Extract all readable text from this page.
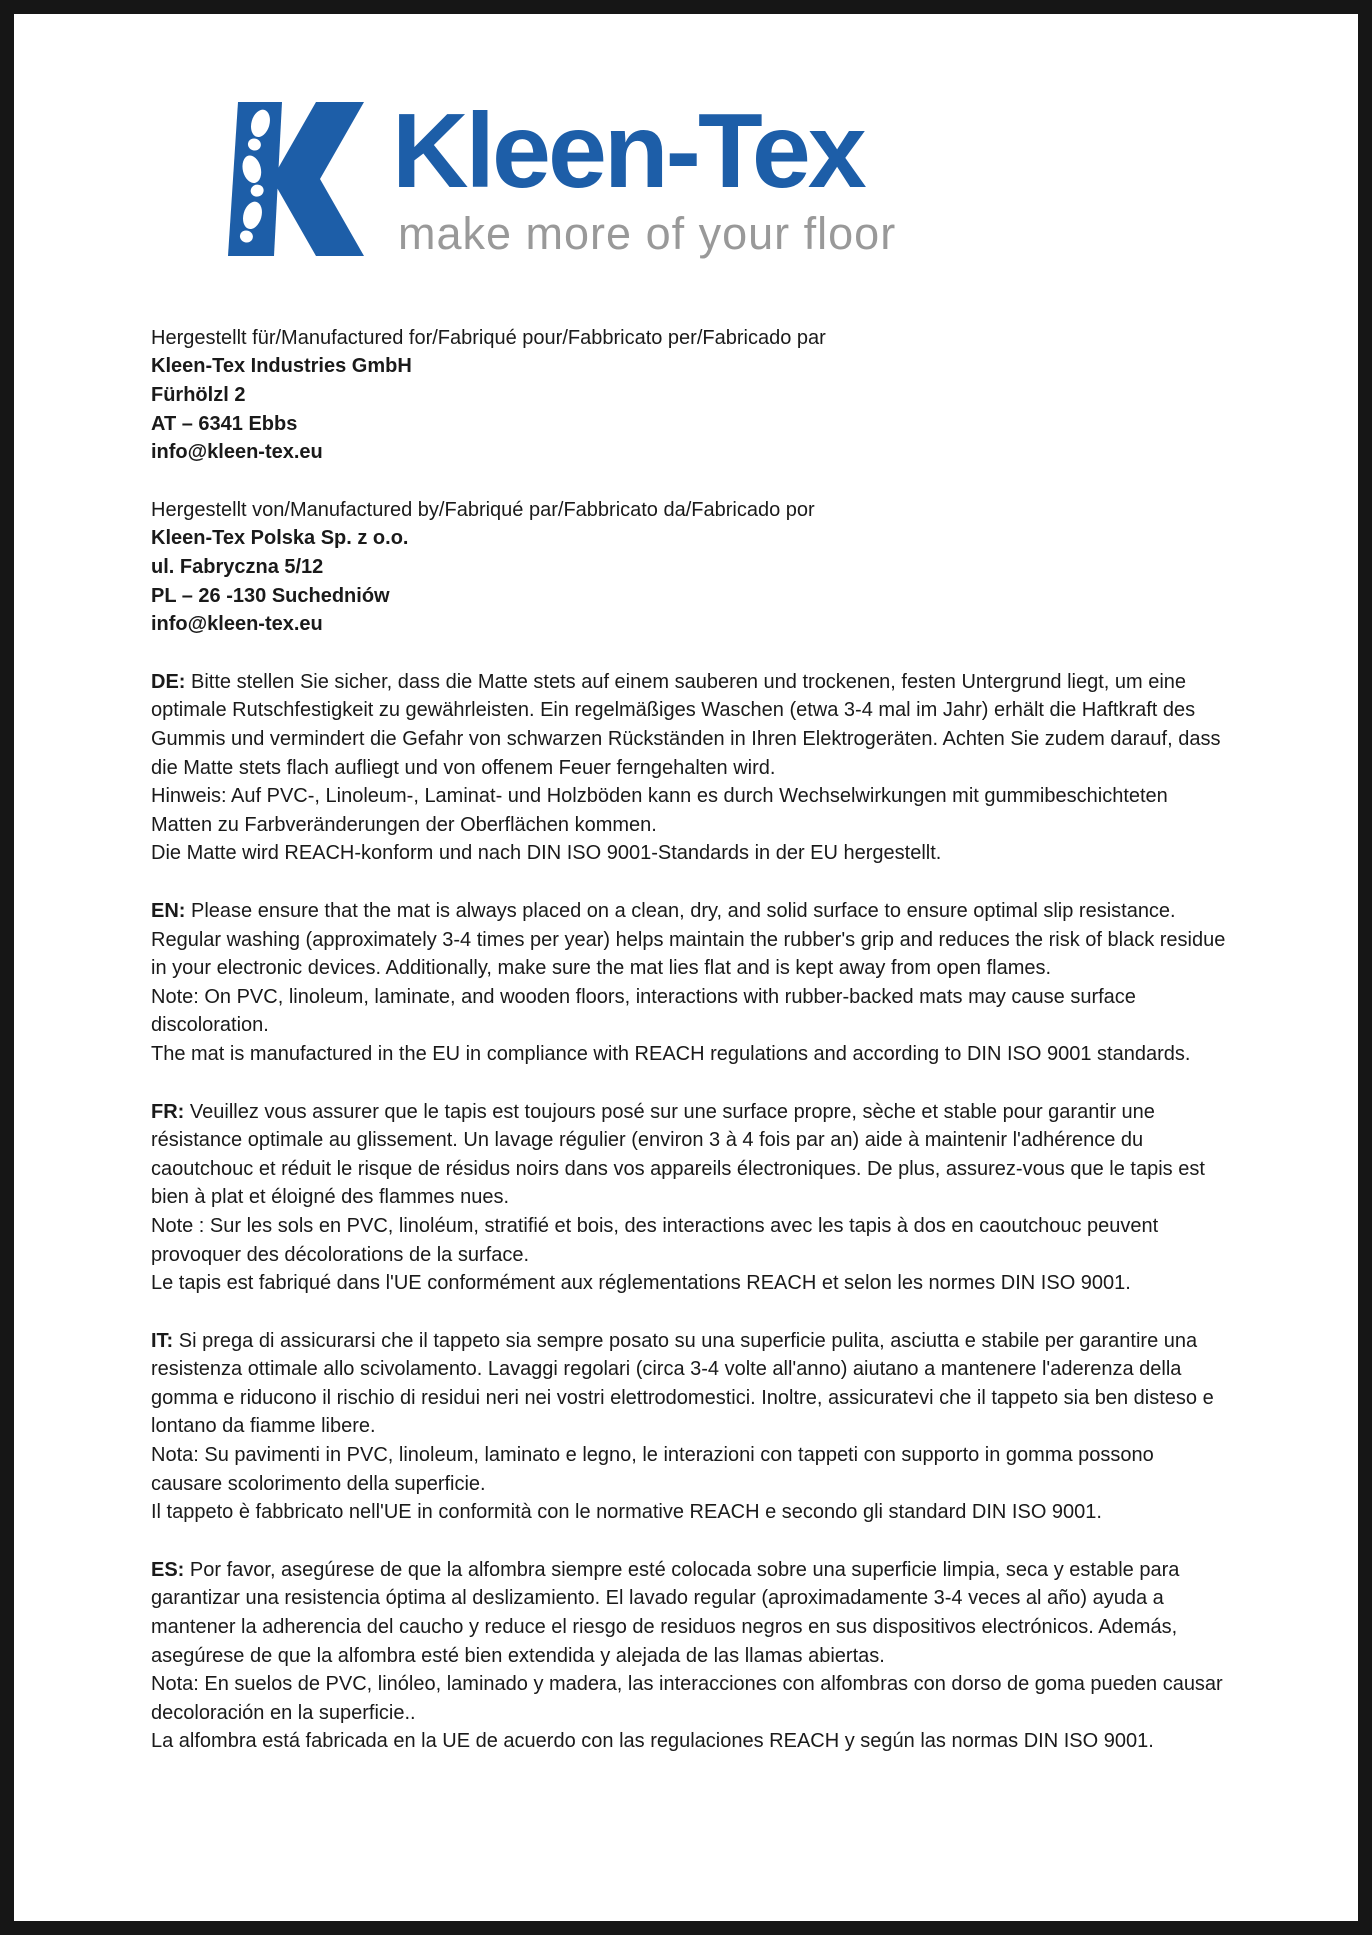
Kleen-Tex
make more of your floor

Hergestellt für/Manufactured for/Fabriqué pour/Fabbricato per/Fabricado par

Kleen-Tex Industries GmbH

Fürhölzl 2

AT – 6341 Ebbs

info@kleen-tex.eu

Hergestellt von/Manufactured by/Fabriqué par/Fabbricato da/Fabricado por

Kleen-Tex Polska Sp. z o.o.

ul. Fabryczna 5/12

PL – 26 -130 Suchedniów

info@kleen-tex.eu

DE: Bitte stellen Sie sicher, dass die Matte stets auf einem sauberen und trockenen, festen Untergrund liegt, um eine optimale Rutschfestigkeit zu gewährleisten. Ein regelmäßiges Waschen (etwa 3-4 mal im Jahr) erhält die Haftkraft des Gummis und vermindert die Gefahr von schwarzen Rückständen in Ihren Elektrogeräten. Achten Sie zudem darauf, dass die Matte stets flach aufliegt und von offenem Feuer ferngehalten wird.

Hinweis: Auf PVC-, Linoleum-, Laminat- und Holzböden kann es durch Wechselwirkungen mit gummibeschichteten Matten zu Farbveränderungen der Oberflächen kommen.

Die Matte wird REACH-konform und nach DIN ISO 9001-Standards in der EU hergestellt.

EN: Please ensure that the mat is always placed on a clean, dry, and solid surface to ensure optimal slip resistance. Regular washing (approximately 3-4 times per year) helps maintain the rubber's grip and reduces the risk of black residue in your electronic devices. Additionally, make sure the mat lies flat and is kept away from open flames.

Note: On PVC, linoleum, laminate, and wooden floors, interactions with rubber-backed mats may cause surface discoloration.

The mat is manufactured in the EU in compliance with REACH regulations and according to DIN ISO 9001 standards.

FR: Veuillez vous assurer que le tapis est toujours posé sur une surface propre, sèche et stable pour garantir une résistance optimale au glissement. Un lavage régulier (environ 3 à 4 fois par an) aide à maintenir l'adhérence du caoutchouc et réduit le risque de résidus noirs dans vos appareils électroniques. De plus, assurez-vous que le tapis est bien à plat et éloigné des flammes nues.

Note : Sur les sols en PVC, linoléum, stratifié et bois, des interactions avec les tapis à dos en caoutchouc peuvent provoquer des décolorations de la surface.

Le tapis est fabriqué dans l'UE conformément aux réglementations REACH et selon les normes DIN ISO 9001.

IT: Si prega di assicurarsi che il tappeto sia sempre posato su una superficie pulita, asciutta e stabile per garantire una resistenza ottimale allo scivolamento. Lavaggi regolari (circa 3-4 volte all'anno) aiutano a mantenere l'aderenza della gomma e riducono il rischio di residui neri nei vostri elettrodomestici. Inoltre, assicuratevi che il tappeto sia ben disteso e lontano da fiamme libere.

Nota: Su pavimenti in PVC, linoleum, laminato e legno, le interazioni con tappeti con supporto in gomma possono causare scolorimento della superficie.

Il tappeto è fabbricato nell'UE in conformità con le normative REACH e secondo gli standard DIN ISO 9001.

ES: Por favor, asegúrese de que la alfombra siempre esté colocada sobre una superficie limpia, seca y estable para garantizar una resistencia óptima al deslizamiento. El lavado regular (aproximadamente 3-4 veces al año) ayuda a mantener la adherencia del caucho y reduce el riesgo de residuos negros en sus dispositivos electrónicos. Además, asegúrese de que la alfombra esté bien extendida y alejada de las llamas abiertas.

Nota: En suelos de PVC, linóleo, laminado y madera, las interacciones con alfombras con dorso de goma pueden causar decoloración en la superficie..

La alfombra está fabricada en la UE de acuerdo con las regulaciones REACH y según las normas DIN ISO 9001.
